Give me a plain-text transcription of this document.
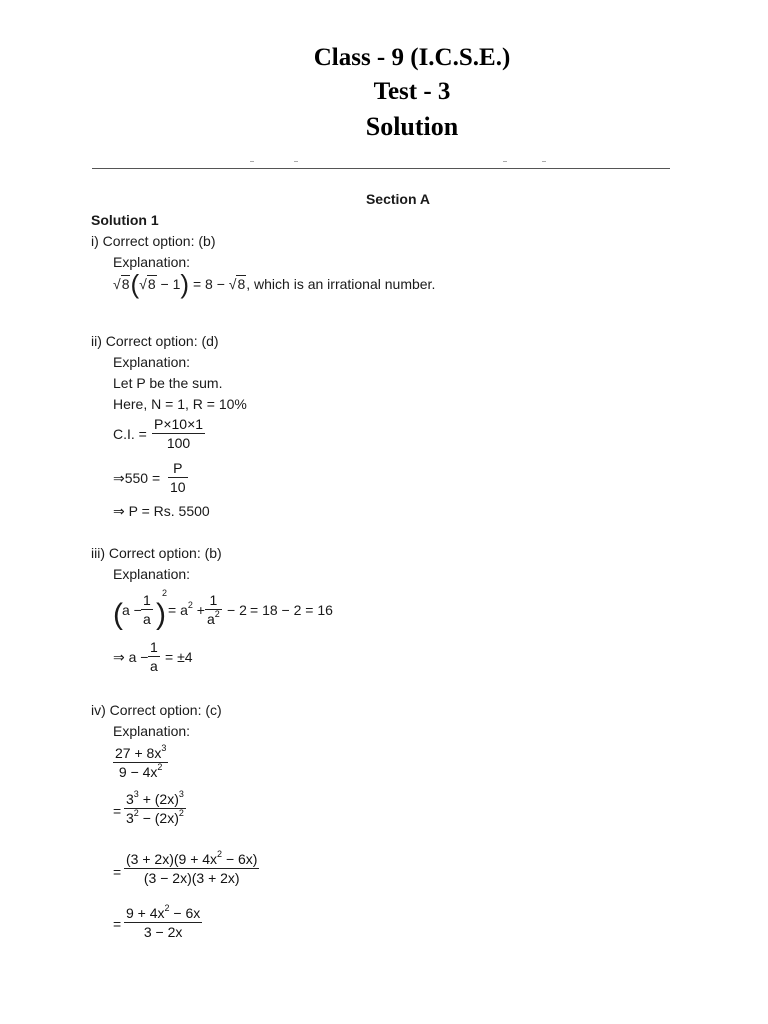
Class - 9 (I.C.S.E.)
Test - 3
Solution
Section A
Solution 1
i) Correct option: (b)
Explanation:
√8(√8 − 1) = 8 − √8, which is an irrational number.
ii) Correct option: (d)
Explanation:
Let P be the sum.
Here, N = 1, R = 10%
C.I. = $\frac{P\times 10\times 1}{100}$
⇒550 = $\frac{P}{10}$
⇒ P = Rs. 5500
iii) Correct option: (b)
Explanation:
( $a - \frac{1}{a}$ )
2
= $a^2 + \frac{1}{a^2} - 2 = 18 - 2 = 16$
⇒ $a - \frac{1}{a} = \pm 4$
iv) Correct option: (c)
Explanation:
$\frac{27 + 8x^3}{9 - 4x^2}$
= $\frac{3^3 + (2x)^3}{3^2 - (2x)^2}$
= $\frac{(3 + 2x)(9 + 4x^2 - 6x)}{(3 - 2x)(3 + 2x)}$
= $\frac{9 + 4x^2 - 6x}{3 - 2x}$
